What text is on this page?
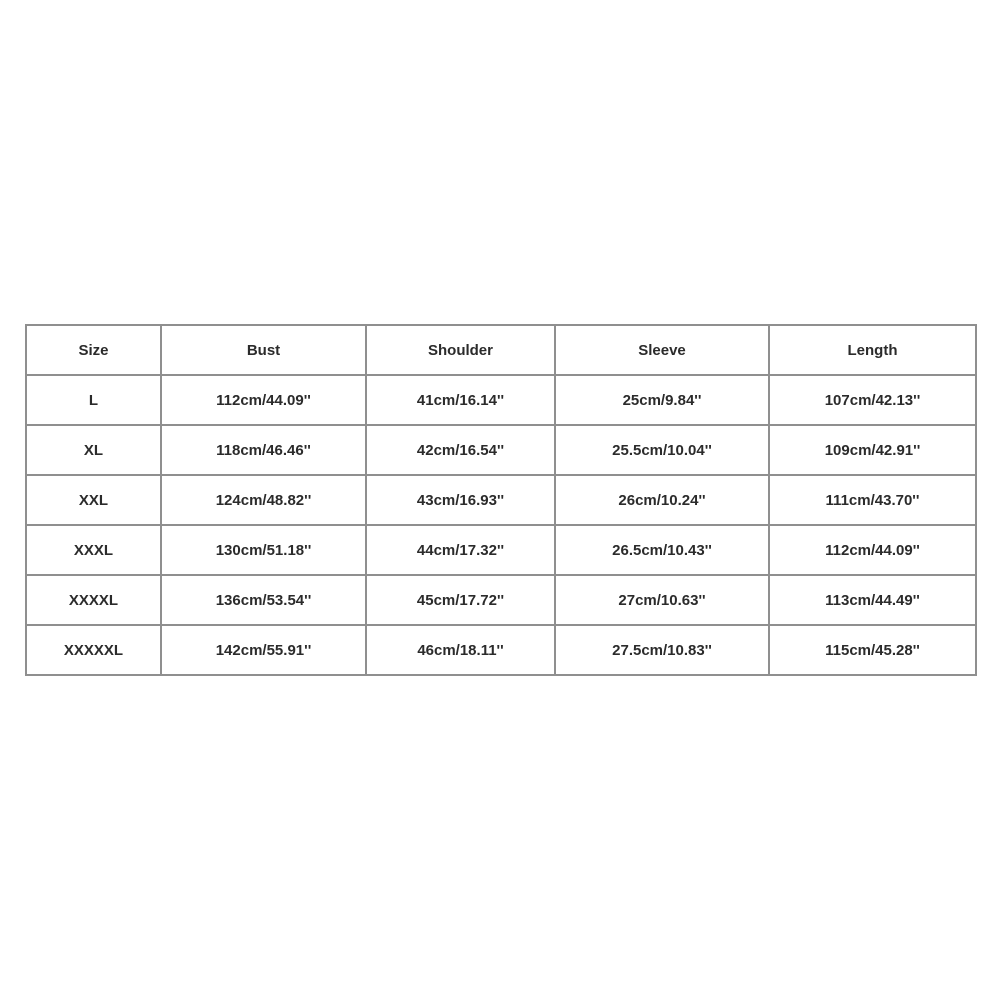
Size	Bust	Shoulder	Sleeve	Length
L	112cm/44.09''	41cm/16.14''	25cm/9.84''	107cm/42.13''
XL	118cm/46.46''	42cm/16.54''	25.5cm/10.04''	109cm/42.91''
XXL	124cm/48.82''	43cm/16.93''	26cm/10.24''	111cm/43.70''
XXXL	130cm/51.18''	44cm/17.32''	26.5cm/10.43''	112cm/44.09''
XXXXL	136cm/53.54''	45cm/17.72''	27cm/10.63''	113cm/44.49''
XXXXXL	142cm/55.91''	46cm/18.11''	27.5cm/10.83''	115cm/45.28''
